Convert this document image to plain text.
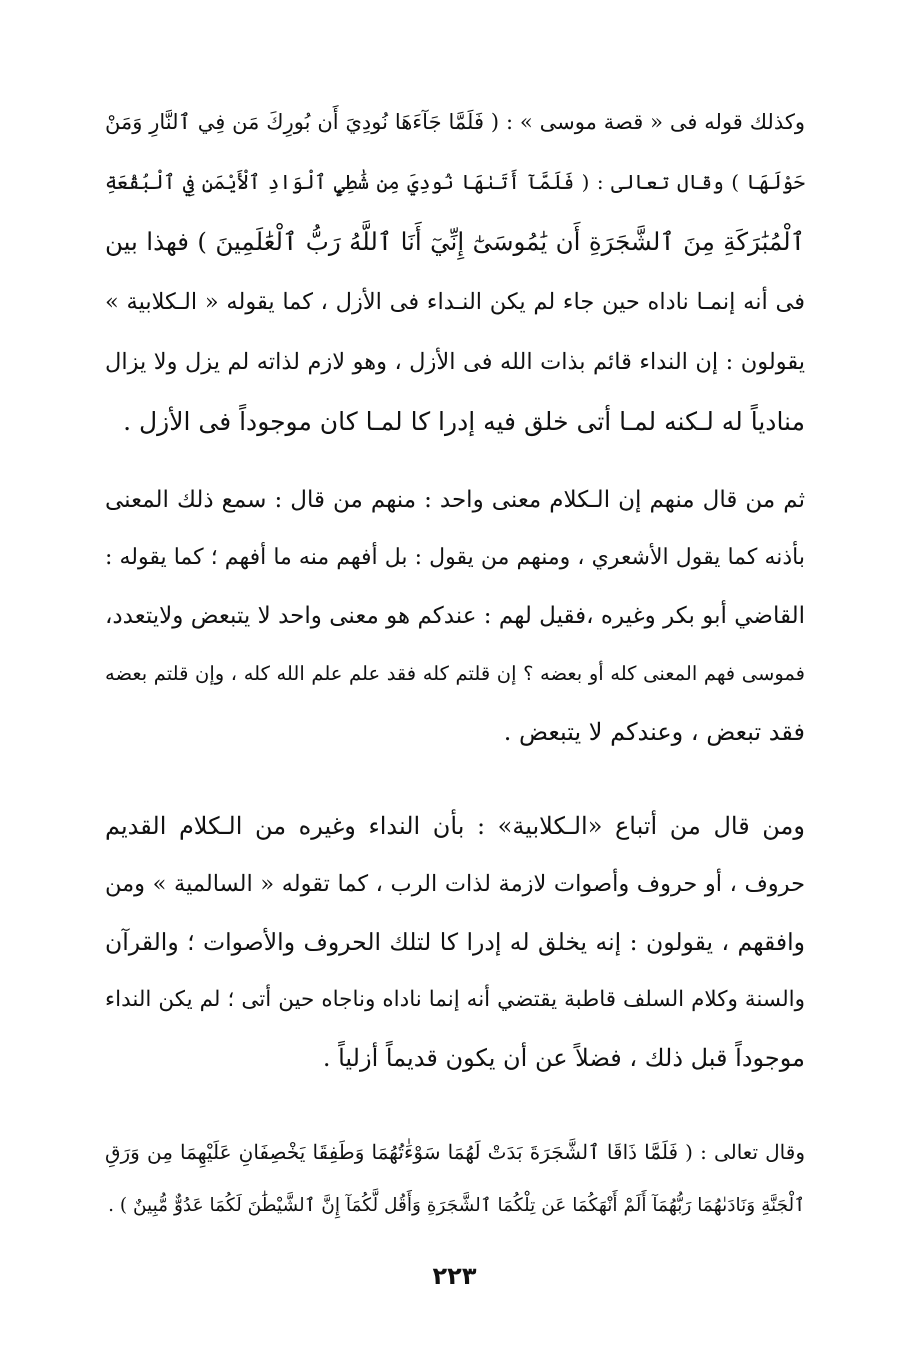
وكذلك قوله فى « قصة موسى » : ( فَلَمَّا جَآءَهَا نُودِيَ أَن بُورِكَ مَن فِي ٱلنَّارِ وَمَنْ
حَوْلَهَا ) وقال تعالى : ( فَلَمَّآ أَتَىٰهَا نُودِيَ مِن شَٰطِيِٕ ٱلْوَادِ ٱلْأَيْمَنِ فِي ٱلْبُقْعَةِ
ٱلْمُبَٰرَكَةِ مِنَ ٱلشَّجَرَةِ أَن يَٰمُوسَىٰٓ إِنِّيٓ أَنَا ٱللَّهُ رَبُّ ٱلْعَٰلَمِينَ ) فهذا بين
فى أنه إنمـا ناداه حين جاء لم يكن النـداء فى الأزل ، كما يقوله « الـكلابية »
يقولون : إن النداء قائم بذات الله فى الأزل ، وهو لازم لذاته لم يزل ولا يزال
منادياً له لـكنه لمـا أتى خلق فيه إدرا كا لمـا كان موجوداً فى الأزل .

ثم من قال منهم إن الـكلام معنى واحد : منهم من قال : سمع ذلك المعنى
بأذنه كما يقول الأشعري ، ومنهم من يقول : بل أفهم منه ما أفهم ؛ كما يقوله :
القاضي أبو بكر وغيره ،فقيل لهم : عندكم هو معنى واحد لا يتبعض ولايتعدد،
فموسى فهم المعنى كله أو بعضه ؟ إن قلتم كله فقد علم علم الله كله ، وإن قلتم بعضه
فقد تبعض ، وعندكم لا يتبعض .

ومن قال من أتباع «الـكلابية» : بأن النداء وغيره من الـكلام القديم
حروف ، أو حروف وأصوات لازمة لذات الرب ، كما تقوله « السالمية » ومن
وافقهم ، يقولون : إنه يخلق له إدرا كا لتلك الحروف والأصوات ؛ والقرآن
والسنة وكلام السلف قاطبة يقتضي أنه إنما ناداه وناجاه حين أتى ؛ لم يكن النداء
موجوداً قبل ذلك ، فضلاً عن أن يكون قديماً أزلياً .

وقال تعالى : ( فَلَمَّا ذَاقَا ٱلشَّجَرَةَ بَدَتْ لَهُمَا سَوْءَٰتُهُمَا وَطَفِقَا يَخْصِفَانِ عَلَيْهِمَا مِن وَرَقِ
ٱلْجَنَّةِ وَنَادَىٰهُمَا رَبُّهُمَآ أَلَمْ أَنْهَكُمَا عَن تِلْكُمَا ٱلشَّجَرَةِ وَأَقُل لَّكُمَآ إِنَّ ٱلشَّيْطَٰنَ لَكُمَا عَدُوٌّ مُّبِينٌ ) .

٢٢٣
